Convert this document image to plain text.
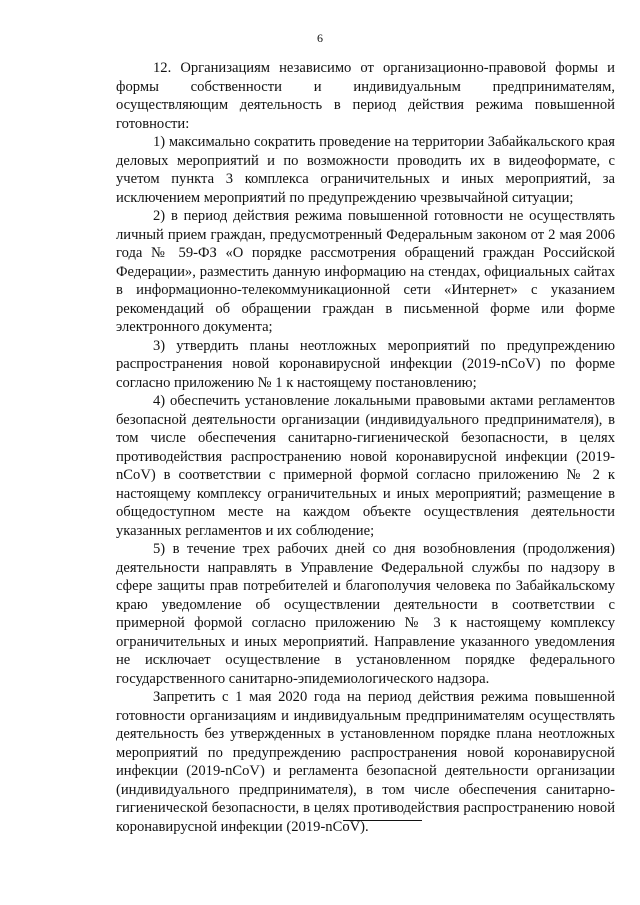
6

12. Организациям независимо от организационно-правовой формы и формы собственности и индивидуальным предпринимателям, осуществляющим деятельность в период действия режима повышенной готовности:

1) максимально сократить проведение на территории Забайкальского края деловых мероприятий и по возможности проводить их в видеоформате, с учетом пункта 3 комплекса ограничительных и иных мероприятий, за исключением мероприятий по предупреждению чрезвычайной ситуации;

2) в период действия режима повышенной готовности не осуществлять личный прием граждан, предусмотренный Федеральным законом от 2 мая 2006 года № 59-ФЗ «О порядке рассмотрения обращений граждан Российской Федерации», разместить данную информацию на стендах, официальных сайтах в информационно-телекоммуникационной сети «Интернет» с указанием рекомендаций об обращении граждан в письменной форме или форме электронного документа;

3) утвердить планы неотложных мероприятий по предупреждению распространения новой коронавирусной инфекции (2019-nCoV) по форме согласно приложению № 1 к настоящему постановлению;

4) обеспечить установление локальными правовыми актами регламентов безопасной деятельности организации (индивидуального предпринимателя), в том числе обеспечения санитарно-гигиенической безопасности, в целях противодействия распространению новой коронавирусной инфекции (2019-nCoV) в соответствии с примерной формой согласно приложению № 2 к настоящему комплексу ограничительных и иных мероприятий; размещение в общедоступном месте на каждом объекте осуществления деятельности указанных регламентов и их соблюдение;

5) в течение трех рабочих дней со дня возобновления (продолжения) деятельности направлять в Управление Федеральной службы по надзору в сфере защиты прав потребителей и благополучия человека по Забайкальскому краю уведомление об осуществлении деятельности в соответствии с примерной формой согласно приложению № 3 к настоящему комплексу ограничительных и иных мероприятий. Направление указанного уведомления не исключает осуществление в установленном порядке федерального государственного санитарно-эпидемиологического надзора.

Запретить с 1 мая 2020 года на период действия режима повышенной готовности организациям и индивидуальным предпринимателям осуществлять деятельность без утвержденных в установленном порядке плана неотложных мероприятий по предупреждению распространения новой коронавирусной инфекции (2019-nCoV) и регламента безопасной деятельности организации (индивидуального предпринимателя), в том числе обеспечения санитарно-гигиенической безопасности, в целях противодействия распространению новой коронавирусной инфекции (2019-nCoV).
